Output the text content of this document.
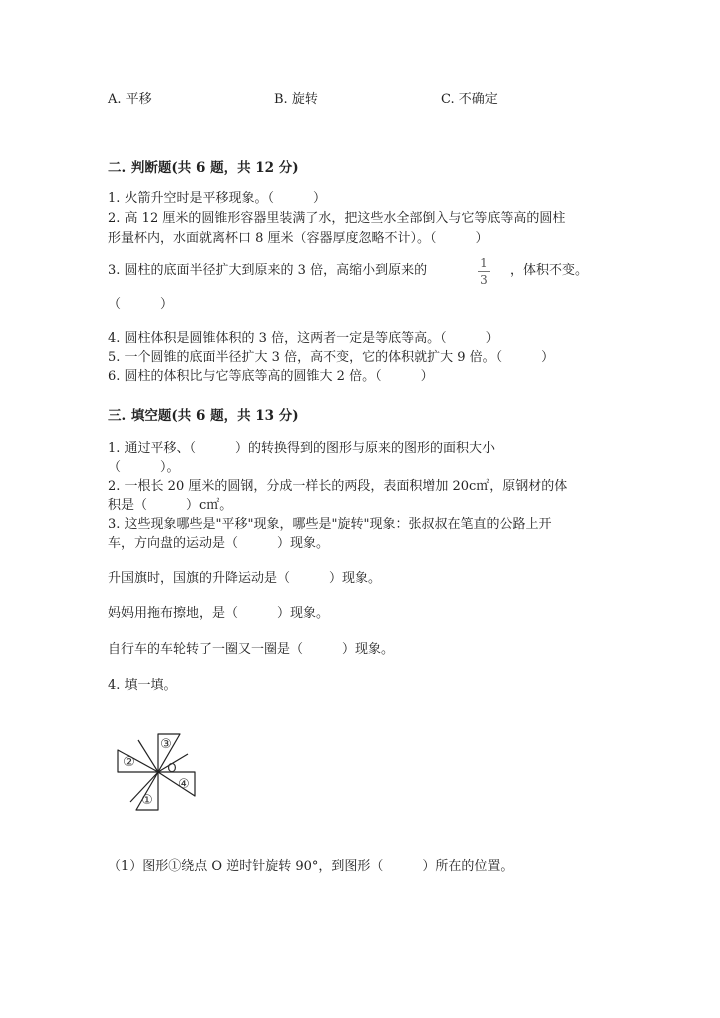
A. 平移	B. 旋转	C. 不确定
二. 判断题(共 6 题，共 12 分)
1. 火箭升空时是平移现象。（　　　）
2. 高 12 厘米的圆锥形容器里装满了水，把这些水全部倒入与它等底等高的圆柱
形量杯内，水面就离杯口 8 厘米（容器厚度忽略不计）。（　　　）
3. 圆柱的底面半径扩大到原来的 3 倍，高缩小到原来的	1
3
，体积不变。
（　　　）
4. 圆柱体积是圆锥体积的 3 倍，这两者一定是等底等高。（　　　）
5. 一个圆锥的底面半径扩大 3 倍，高不变，它的体积就扩大 9 倍。（　　　）
6. 圆柱的体积比与它等底等高的圆锥大 2 倍。（　　　）
三. 填空题(共 6 题，共 13 分)
1. 通过平移、（　　　）的转换得到的图形与原来的图形的面积大小
（　　　）。
2. 一根长 20 厘米的圆钢，分成一样长的两段，表面积增加 20c㎡，原钢材的体
积是（　　　）c㎡。
3. 这些现象哪些是"平移"现象，哪些是"旋转"现象：张叔叔在笔直的公路上开
车，方向盘的运动是（　　　）现象。
升国旗时，国旗的升降运动是（　　　）现象。
妈妈用拖布擦地，是（　　　）现象。
自行车的车轮转了一圈又一圈是（　　　）现象。
4. 填一填。
③
②
④
①
O
（1）图形①绕点 O 逆时针旋转 90°，到图形（　　　）所在的位置。
